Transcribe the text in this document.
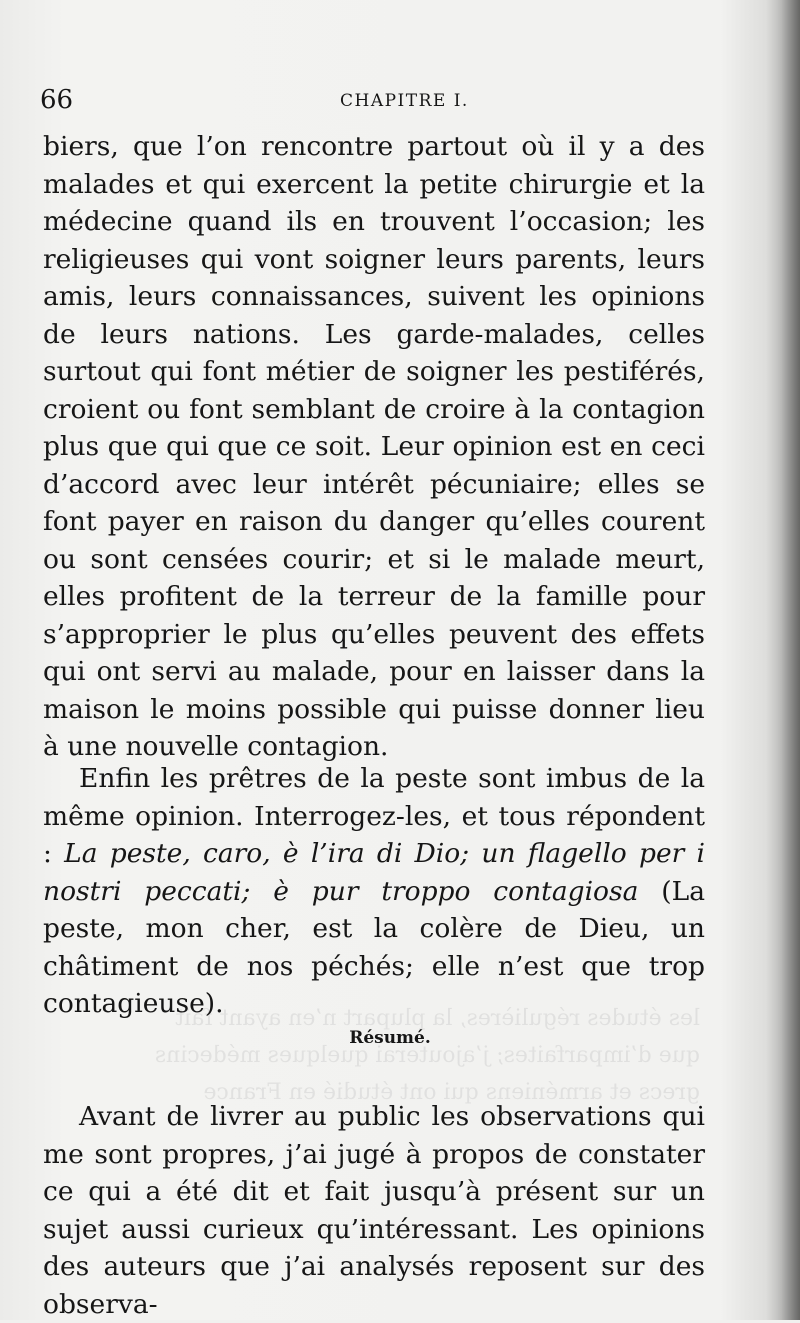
les études régulières, la plupart n’en ayant fait
que d’imparfaites; j’ajouterai quelques médecins
grecs et arméniens qui ont étudié en France
66	CHAPITRE I.
biers, que l’on rencontre partout où il y a des malades et qui exercent la petite chirurgie et la médecine quand ils en trouvent l’occasion; les religieuses qui vont soigner leurs parents, leurs amis, leurs connaissances, suivent les opinions de leurs nations. Les garde-malades, celles surtout qui font métier de soigner les pestiférés, croient ou font semblant de croire à la contagion plus que qui que ce soit. Leur opinion est en ceci d’accord avec leur intérêt pécuniaire; elles se font payer en raison du danger qu’elles courent ou sont censées courir; et si le malade meurt, elles profitent de la terreur de la famille pour s’approprier le plus qu’elles peuvent des effets qui ont servi au malade, pour en laisser dans la maison le moins possible qui puisse donner lieu à une nouvelle contagion.
Enfin les prêtres de la peste sont imbus de la même opinion. Interrogez-les, et tous répondent : La peste, caro, è l’ira di Dio; un flagello per i nostri peccati; è pur troppo contagiosa (La peste, mon cher, est la colère de Dieu, un châtiment de nos péchés; elle n’est que trop contagieuse).
Résumé.
Avant de livrer au public les observations qui me sont propres, j’ai jugé à propos de constater ce qui a été dit et fait jusqu’à présent sur un sujet aussi curieux qu’intéressant. Les opinions des auteurs que j’ai analysés reposent sur des observa-
